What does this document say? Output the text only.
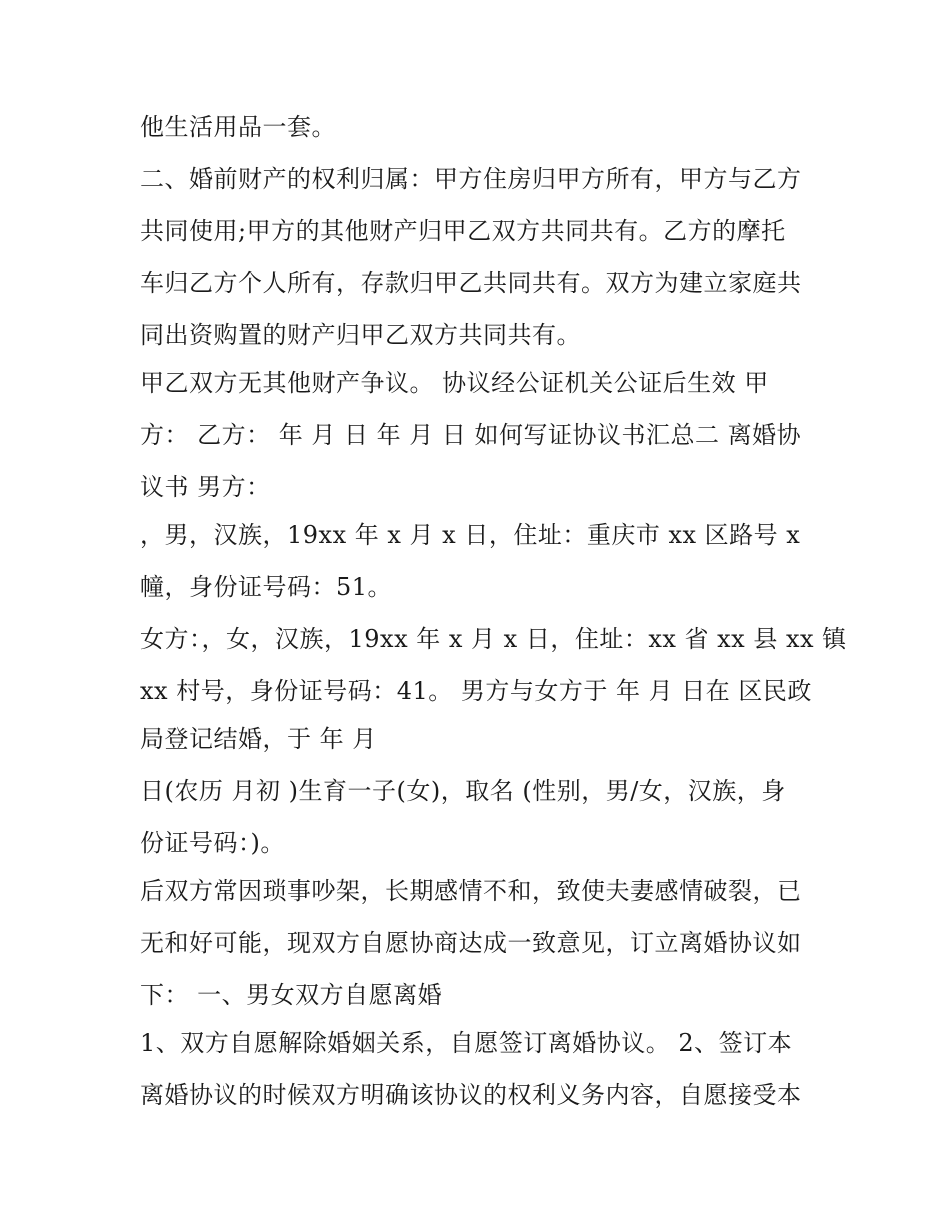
他生活用品一套。
二、婚前财产的权利归属：甲方住房归甲方所有，甲方与乙方
共同使用;甲方的其他财产归甲乙双方共同共有。乙方的摩托
车归乙方个人所有，存款归甲乙共同共有。双方为建立家庭共
同出资购置的财产归甲乙双方共同共有。
甲乙双方无其他财产争议。 协议经公证机关公证后生效 甲
方： 乙方： 年 月 日 年 月 日 如何写证协议书汇总二 离婚协
议书 男方：
，男，汉族，19xx 年 x 月 x 日，住址：重庆市 xx 区路号 x
幢，身份证号码：51。
女方：，女，汉族，19xx 年 x 月 x 日，住址：xx 省 xx 县 xx 镇
xx 村号，身份证号码：41。 男方与女方于 年 月 日在 区民政
局登记结婚，于 年 月
日(农历 月初 )生育一子(女)，取名 (性别，男/女，汉族，身
份证号码：)。
后双方常因琐事吵架，长期感情不和，致使夫妻感情破裂，已
无和好可能，现双方自愿协商达成一致意见，订立离婚协议如
下： 一、男女双方自愿离婚
1、双方自愿解除婚姻关系，自愿签订离婚协议。 2、签订本
离婚协议的时候双方明确该协议的权利义务内容，自愿接受本
